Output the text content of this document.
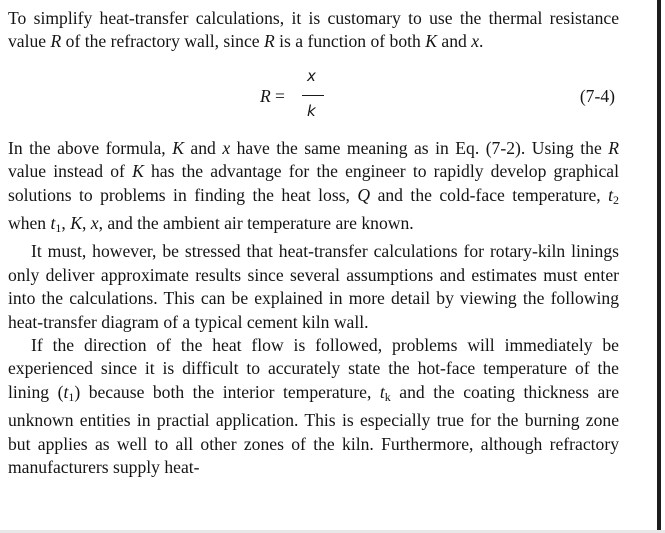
To simplify heat-transfer calculations, it is customary to use the thermal resistance value R of the refractory wall, since R is a function of both K and x.

R =
x
k
(7-4)

In the above formula, K and x have the same meaning as in Eq. (7-2). Using the R value instead of K has the advantage for the engineer to rapidly develop graphical solutions to problems in finding the heat loss, Q and the cold-face temperature, $t_2$ when $t_1$, K, x, and the ambient air temperature are known.

It must, however, be stressed that heat-transfer calculations for rotary-kiln linings only deliver approximate results since several assumptions and estimates must enter into the calculations. This can be explained in more detail by viewing the following heat-transfer diagram of a typical cement kiln wall.

If the direction of the heat flow is followed, problems will immediately be experienced since it is difficult to accurately state the hot-face temperature of the lining $(t_1)$ because both the interior temperature, $t_k$ and the coating thickness are unknown entities in practial application. This is especially true for the burning zone but applies as well to all other zones of the kiln. Furthermore, although refractory manufacturers supply heat-
